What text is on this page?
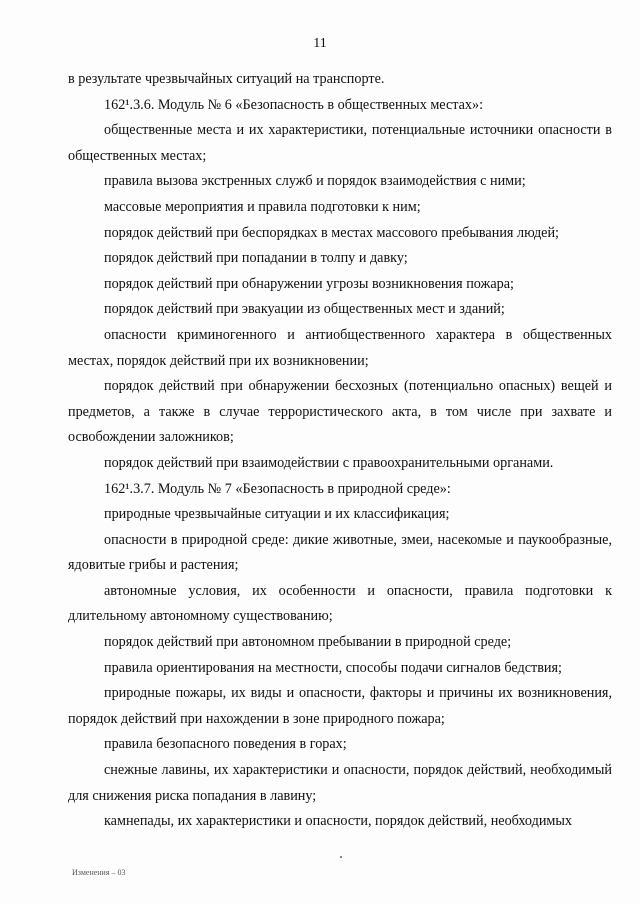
11

в результате чрезвычайных ситуаций на транспорте.

162¹.3.6. Модуль № 6 «Безопасность в общественных местах»:

общественные места и их характеристики, потенциальные источники опасности в общественных местах;

правила вызова экстренных служб и порядок взаимодействия с ними;

массовые мероприятия и правила подготовки к ним;

порядок действий при беспорядках в местах массового пребывания людей;

порядок действий при попадании в толпу и давку;

порядок действий при обнаружении угрозы возникновения пожара;

порядок действий при эвакуации из общественных мест и зданий;

опасности криминогенного и антиобщественного характера в общественных местах, порядок действий при их возникновении;

порядок действий при обнаружении бесхозных (потенциально опасных) вещей и предметов, а также в случае террористического акта, в том числе при захвате и освобождении заложников;

порядок действий при взаимодействии с правоохранительными органами.

162¹.3.7. Модуль № 7 «Безопасность в природной среде»:

природные чрезвычайные ситуации и их классификация;

опасности в природной среде: дикие животные, змеи, насекомые и паукообразные, ядовитые грибы и растения;

автономные условия, их особенности и опасности, правила подготовки к длительному автономному существованию;

порядок действий при автономном пребывании в природной среде;

правила ориентирования на местности, способы подачи сигналов бедствия;

природные пожары, их виды и опасности, факторы и причины их возникновения, порядок действий при нахождении в зоне природного пожара;

правила безопасного поведения в горах;

снежные лавины, их характеристики и опасности, порядок действий, необходимый для снижения риска попадания в лавину;

камнепады, их характеристики и опасности, порядок действий, необходимых

Изменения – 03
